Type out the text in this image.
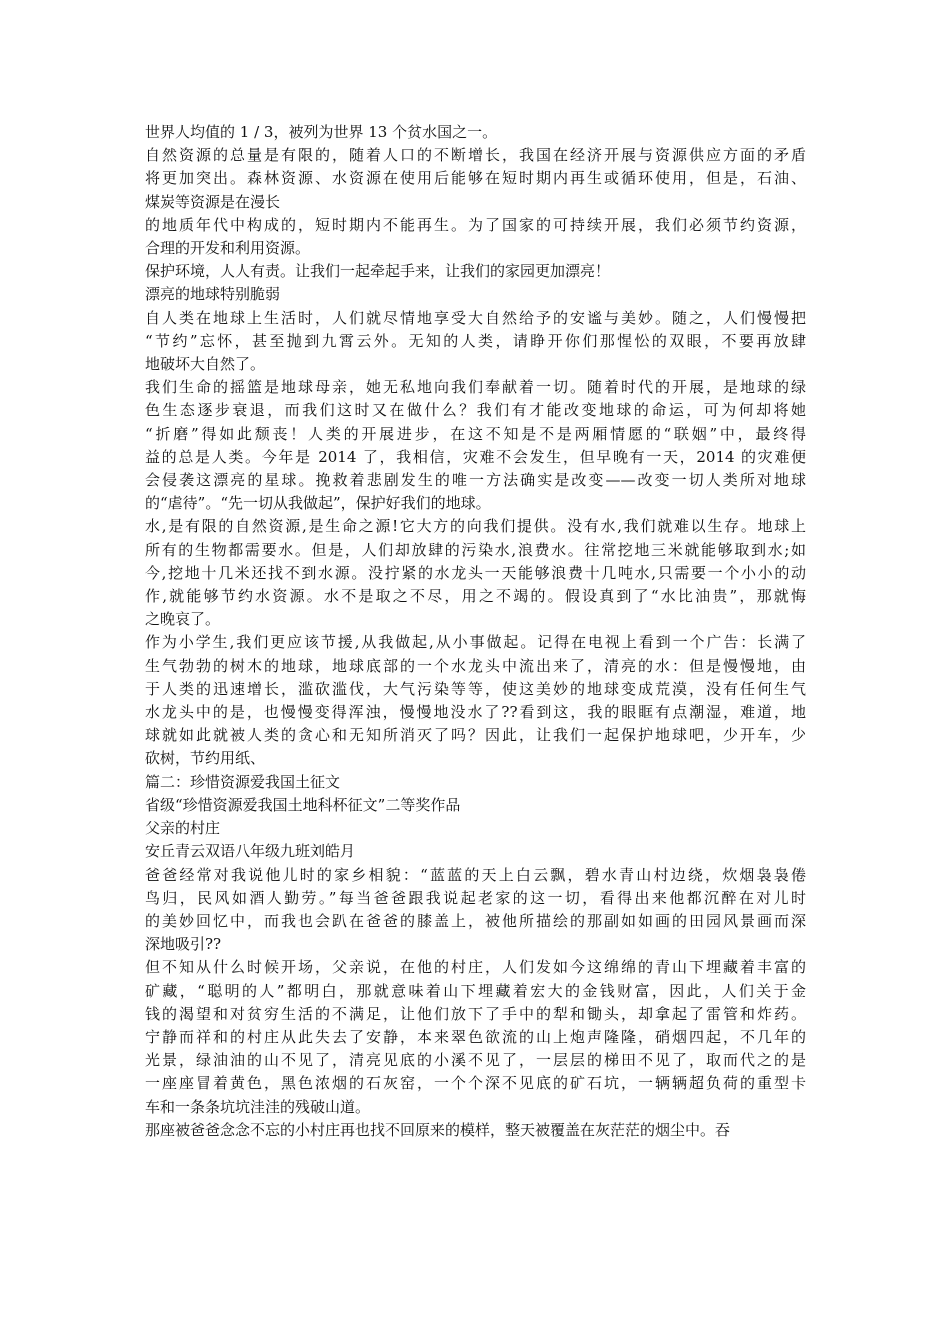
世界人均值的 1 / 3，被列为世界 13 个贫水国之一。
自然资源的总量是有限的，随着人口的不断增长，我国在经济开展与资源供应方面的矛盾
将更加突出。森林资源、水资源在使用后能够在短时期内再生或循环使用，但是，石油、
煤炭等资源是在漫长
的地质年代中构成的，短时期内不能再生。为了国家的可持续开展，我们必须节约资源，
合理的开发和利用资源。
保护环境，人人有责。让我们一起牵起手来，让我们的家园更加漂亮！
漂亮的地球特别脆弱
自人类在地球上生活时，人们就尽情地享受大自然给予的安谧与美妙。随之，人们慢慢把
“节约”忘怀，甚至抛到九霄云外。无知的人类，请睁开你们那惺忪的双眼，不要再放肆
地破坏大自然了。
我们生命的摇篮是地球母亲，她无私地向我们奉献着一切。随着时代的开展，是地球的绿
色生态逐步衰退，而我们这时又在做什么？我们有才能改变地球的命运，可为何却将她
“折磨”得如此颓丧！人类的开展进步，在这不知是不是两厢情愿的“联姻”中，最终得
益的总是人类。今年是 2014 了，我相信，灾难不会发生，但早晚有一天，2014 的灾难便
会侵袭这漂亮的星球。挽救着悲剧发生的唯一方法确实是改变——改变一切人类所对地球
的“虐待”。“先一切从我做起”，保护好我们的地球。
水,是有限的自然资源,是生命之源!它大方的向我们提供。没有水,我们就难以生存。地球上
所有的生物都需要水。但是，人们却放肆的污染水,浪费水。往常挖地三米就能够取到水;如
今,挖地十几米还找不到水源。没拧紧的水龙头一天能够浪费十几吨水,只需要一个小小的动
作,就能够节约水资源。水不是取之不尽，用之不竭的。假设真到了“水比油贵”，那就悔
之晚哀了。
作为小学生,我们更应该节援,从我做起,从小事做起。记得在电视上看到一个广告：长满了
生气勃勃的树木的地球，地球底部的一个水龙头中流出来了，清亮的水：但是慢慢地，由
于人类的迅速增长，滥砍滥伐，大气污染等等，使这美妙的地球变成荒漠，没有任何生气
水龙头中的是，也慢慢变得浑浊，慢慢地没水了??看到这，我的眼眶有点潮湿，难道，地
球就如此就被人类的贪心和无知所消灭了吗？因此，让我们一起保护地球吧，少开车，少
砍树，节约用纸、
篇二：珍惜资源爱我国土征文
省级“珍惜资源爱我国土地科杯征文”二等奖作品
父亲的村庄
安丘青云双语八年级九班刘皓月
爸爸经常对我说他儿时的家乡相貌：“蓝蓝的天上白云飘，碧水青山村边绕，炊烟袅袅倦
鸟归，民风如酒人勤劳。”每当爸爸跟我说起老家的这一切，看得出来他都沉醉在对儿时
的美妙回忆中，而我也会趴在爸爸的膝盖上，被他所描绘的那副如如画的田园风景画而深
深地吸引??
但不知从什么时候开场，父亲说，在他的村庄，人们发如今这绵绵的青山下埋藏着丰富的
矿藏，“聪明的人”都明白，那就意味着山下埋藏着宏大的金钱财富，因此，人们关于金
钱的渴望和对贫穷生活的不满足，让他们放下了手中的犁和锄头，却拿起了雷管和炸药。
宁静而祥和的村庄从此失去了安静，本来翠色欲流的山上炮声隆隆，硝烟四起，不几年的
光景，绿油油的山不见了，清亮见底的小溪不见了，一层层的梯田不见了，取而代之的是
一座座冒着黄色，黑色浓烟的石灰窑，一个个深不见底的矿石坑，一辆辆超负荷的重型卡
车和一条条坑坑洼洼的残破山道。
那座被爸爸念念不忘的小村庄再也找不回原来的模样，整天被覆盖在灰茫茫的烟尘中。吞
